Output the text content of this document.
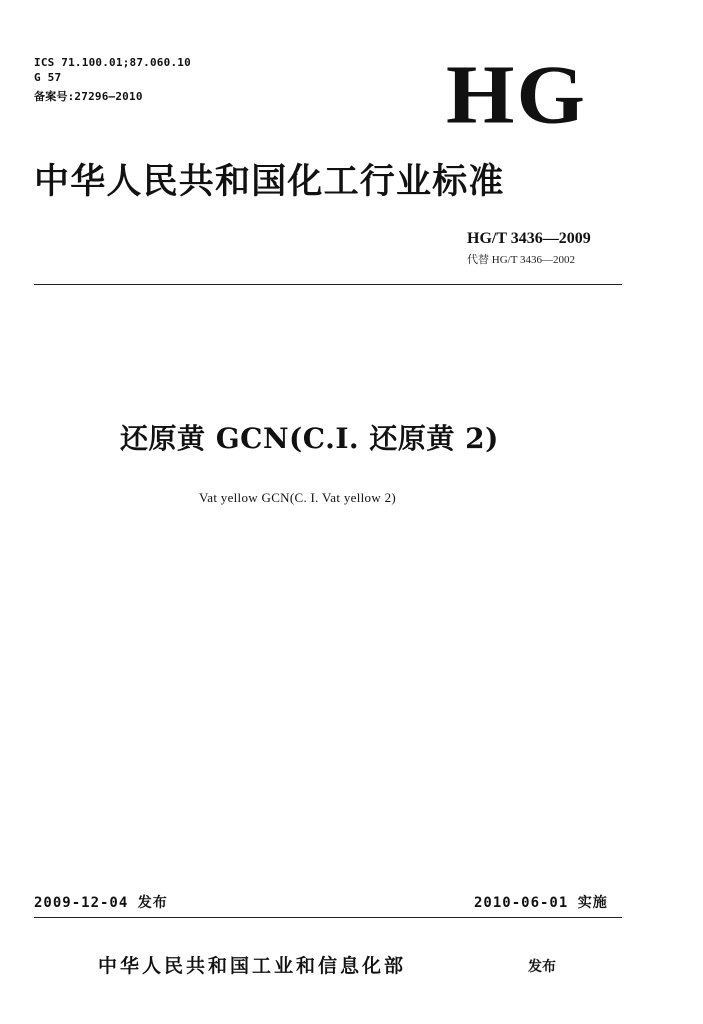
ICS 71.100.01;87.060.10
G 57
备案号:27296—2010	HG
中华人民共和国化工行业标准
HG/T 3436—2009
代替 HG/T 3436—2002
还原黄 GCN(C.I. 还原黄 2)
Vat yellow GCN(C. I. Vat yellow 2)
2009-12-04 发布	2010-06-01 实施
中华人民共和国工业和信息化部	发布
